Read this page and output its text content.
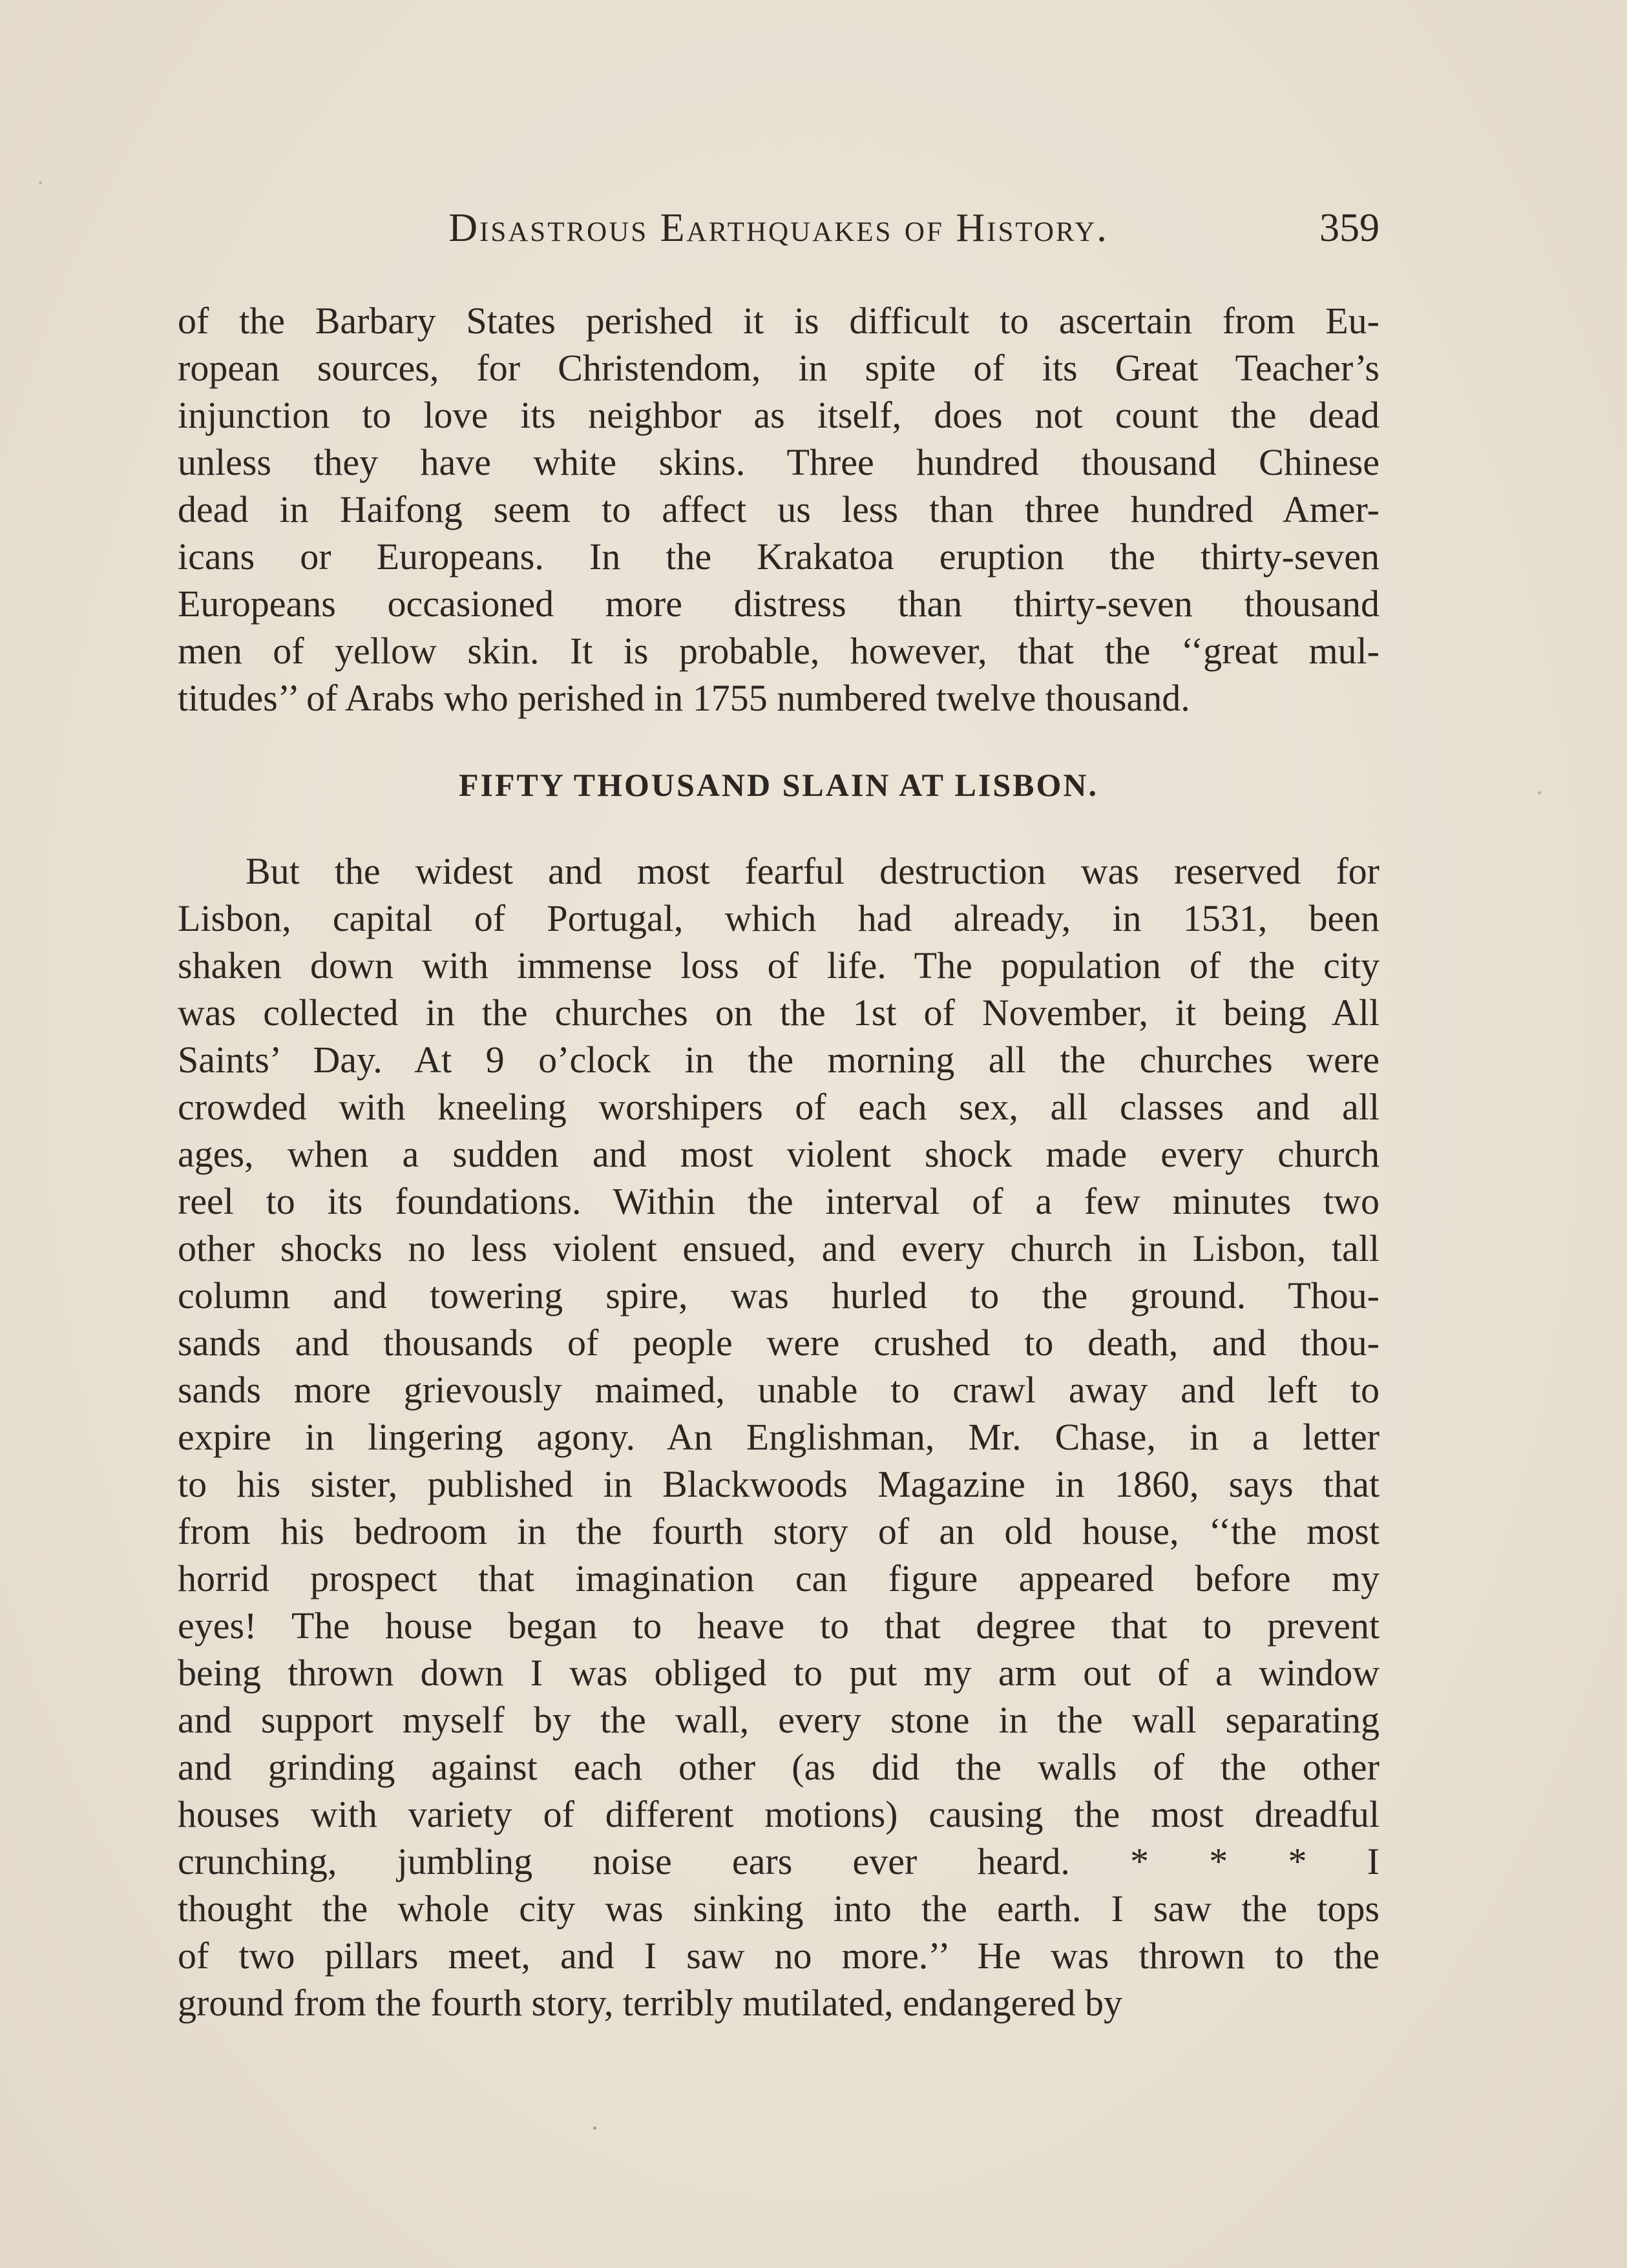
Disastrous Earthquakes of History.	359
of the Barbary States perished it is difficult to ascertain from Eu-
ropean sources, for Christendom, in spite of its Great Teacher’s
injunction to love its neighbor as itself, does not count the dead
unless they have white skins. Three hundred thousand Chinese
dead in Haifong seem to affect us less than three hundred Amer-
icans or Europeans. In the Krakatoa eruption the thirty-seven
Europeans occasioned more distress than thirty-seven thousand
men of yellow skin. It is probable, however, that the ‘‘great mul-
titudes’’ of Arabs who perished in 1755 numbered twelve thousand.
FIFTY THOUSAND SLAIN AT LISBON.
But the widest and most fearful destruction was reserved for
Lisbon, capital of Portugal, which had already, in 1531, been
shaken down with immense loss of life. The population of the city
was collected in the churches on the 1st of November, it being All
Saints’ Day. At 9 o’clock in the morning all the churches were
crowded with kneeling worshipers of each sex, all classes and all
ages, when a sudden and most violent shock made every church
reel to its foundations. Within the interval of a few minutes two
other shocks no less violent ensued, and every church in Lisbon, tall
column and towering spire, was hurled to the ground. Thou-
sands and thousands of people were crushed to death, and thou-
sands more grievously maimed, unable to crawl away and left to
expire in lingering agony. An Englishman, Mr. Chase, in a letter
to his sister, published in Blackwoods Magazine in 1860, says that
from his bedroom in the fourth story of an old house, ‘‘the most
horrid prospect that imagination can figure appeared before my
eyes! The house began to heave to that degree that to prevent
being thrown down I was obliged to put my arm out of a window
and support myself by the wall, every stone in the wall separating
and grinding against each other (as did the walls of the other
houses with variety of different motions) causing the most dreadful
crunching, jumbling noise ears ever heard. * * * I
thought the whole city was sinking into the earth. I saw the tops
of two pillars meet, and I saw no more.’’ He was thrown to the
ground from the fourth story, terribly mutilated, endangered by
